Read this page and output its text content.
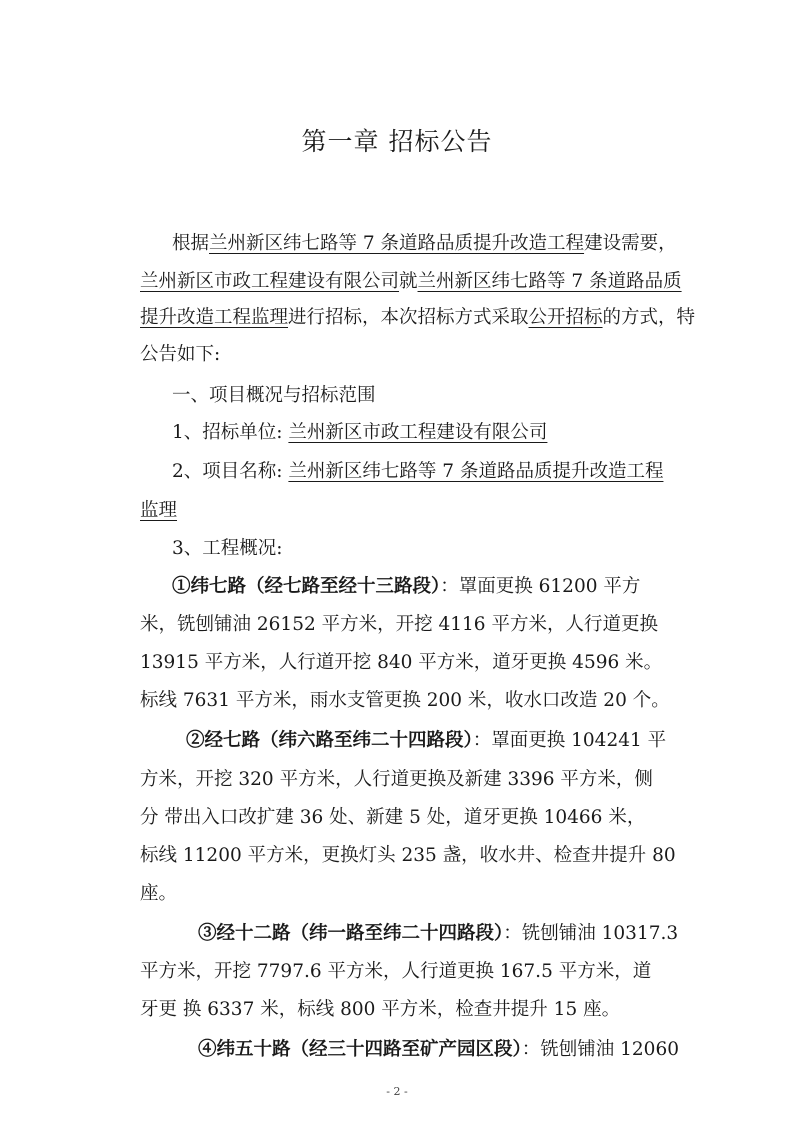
第一章 招标公告
根据兰州新区纬七路等 7 条道路品质提升改造工程建设需要，
兰州新区市政工程建设有限公司就兰州新区纬七路等 7 条道路品质
提升改造工程监理进行招标，本次招标方式采取公开招标的方式，特
公告如下:
一、项目概况与招标范围
1、招标单位: 兰州新区市政工程建设有限公司
2、项目名称: 兰州新区纬七路等 7 条道路品质提升改造工程
监理
3、工程概况:
①纬七路（经七路至经十三路段）：罩面更换 61200 平方
米，铣刨铺油 26152 平方米，开挖 4116 平方米，人行道更换
13915 平方米，人行道开挖 840 平方米，道牙更换 4596 米。
标线 7631 平方米，雨水支管更换 200 米，收水口改造 20 个。
②经七路（纬六路至纬二十四路段）：罩面更换 104241 平
方米，开挖 320 平方米，人行道更换及新建 3396 平方米，侧
分 带出入口改扩建 36 处、新建 5 处，道牙更换 10466 米，
标线 11200 平方米，更换灯头 235 盏，收水井、检查井提升 80
座。
③经十二路（纬一路至纬二十四路段）：铣刨铺油 10317.3
平方米，开挖 7797.6 平方米，人行道更换 167.5 平方米，道
牙更 换 6337 米，标线 800 平方米，检查井提升 15 座。
④纬五十路（经三十四路至矿产园区段）：铣刨铺油 12060
- 2 -
